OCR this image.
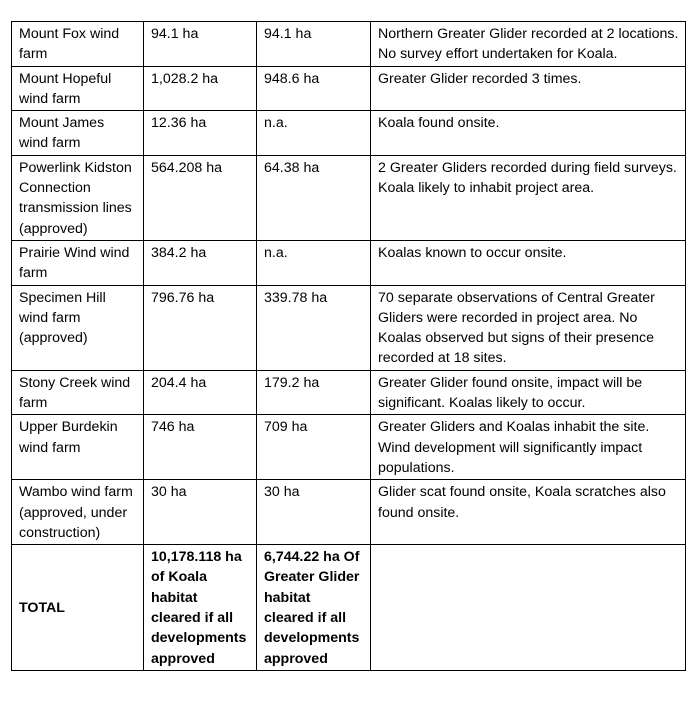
Mount Fox wind farm	94.1 ha	94.1 ha	Northern Greater Glider recorded at 2 locations. No survey effort undertaken for Koala.
Mount Hopeful wind farm	1,028.2 ha	948.6 ha	Greater Glider recorded 3 times.
Mount James wind farm	12.36 ha	n.a.	Koala found onsite.
Powerlink Kidston Connection transmission lines (approved)	564.208 ha	64.38 ha	2 Greater Gliders recorded during field surveys. Koala likely to inhabit project area.
Prairie Wind wind farm	384.2 ha	n.a.	Koalas known to occur onsite.
Specimen Hill wind farm (approved)	796.76 ha	339.78 ha	70 separate observations of Central Greater Gliders were recorded in project area. No Koalas observed but signs of their presence recorded at 18 sites.
Stony Creek wind farm	204.4 ha	179.2 ha	Greater Glider found onsite, impact will be significant. Koalas likely to occur.
Upper Burdekin wind farm	746 ha	709 ha	Greater Gliders and Koalas inhabit the site. Wind development will significantly impact populations.
Wambo wind farm (approved, under construction)	30 ha	30 ha	Glider scat found onsite, Koala scratches also found onsite.
TOTAL	10,178.118 ha of Koala habitat cleared if all developments approved	6,744.22 ha Of Greater Glider habitat cleared if all developments approved	
